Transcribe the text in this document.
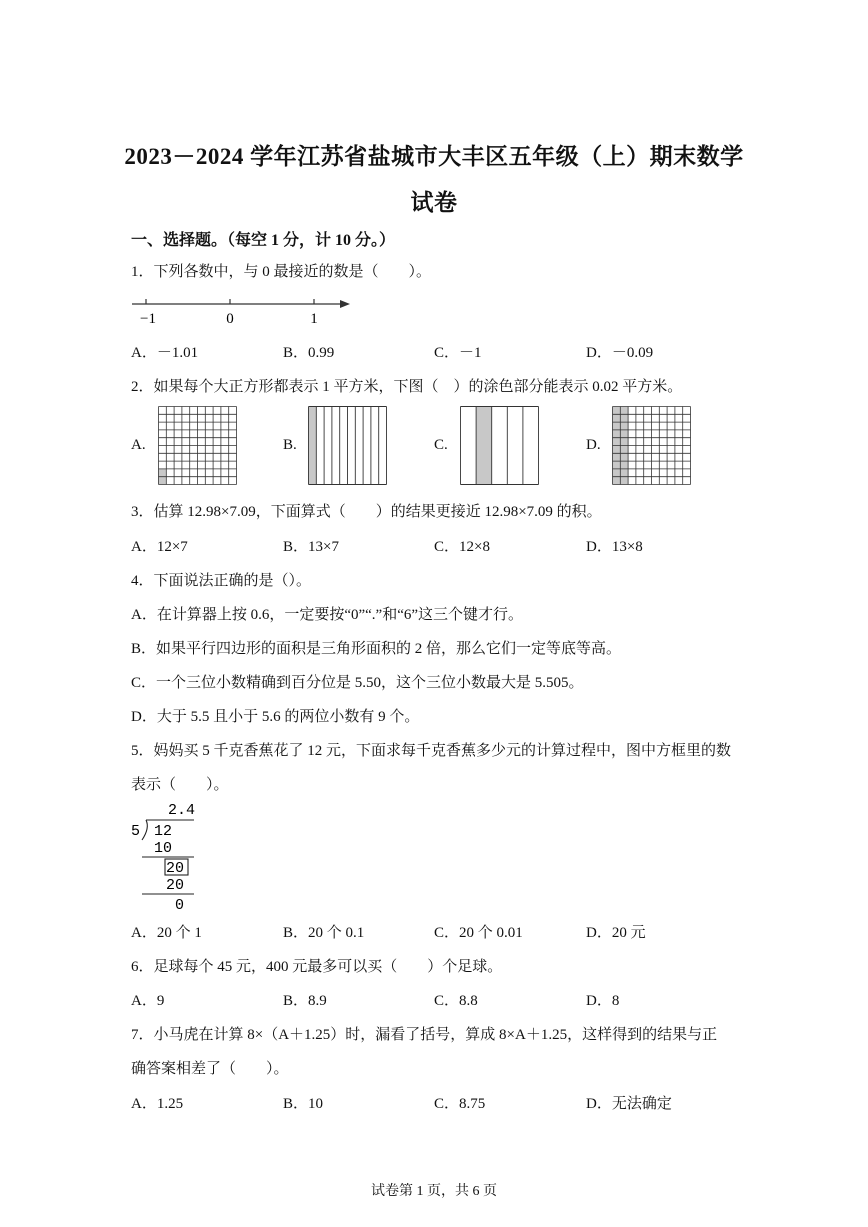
2023－2024 学年江苏省盐城市大丰区五年级（上）期末数学
试卷
一、选择题。（每空 1 分，计 10 分。）
1．下列各数中，与 0 最接近的数是（　　）。
−1	0	1
A．－1.01	B．0.99	C．－1	D．－0.09
2．如果每个大正方形都表示 1 平方米，下图（　）的涂色部分能表示 0.02 平方米。
A.	B.	C.	D.
3．估算 12.98×7.09，下面算式（　　）的结果更接近 12.98×7.09 的积。
A．12×7	B．13×7	C．12×8	D．13×8
4．下面说法正确的是（）。
A．在计算器上按 0.6，一定要按“0”“.”和“6”这三个键才行。
B．如果平行四边形的面积是三角形面积的 2 倍，那么它们一定等底等高。
C．一个三位小数精确到百分位是 5.50，这个三位小数最大是 5.505。
D．大于 5.5 且小于 5.6 的两位小数有 9 个。
5．妈妈买 5 千克香蕉花了 12 元，下面求每千克香蕉多少元的计算过程中，图中方框里的数
表示（　　）。
2.4
5 12
10
20
20
0
A．20 个 1	B．20 个 0.1	C．20 个 0.01	D．20 元
6．足球每个 45 元，400 元最多可以买（　　）个足球。
A．9	B．8.9	C．8.8	D．8
7．小马虎在计算 8×（A＋1.25）时，漏看了括号，算成 8×A＋1.25，这样得到的结果与正
确答案相差了（　　）。
A．1.25	B．10	C．8.75	D．无法确定
试卷第 1 页，共 6 页
